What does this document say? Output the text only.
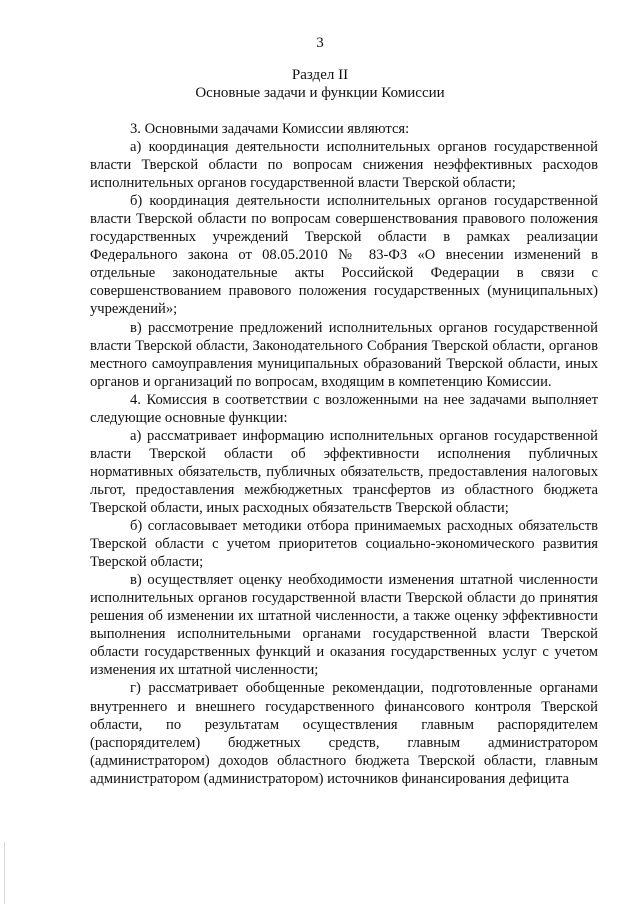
3
Раздел II
Основные задачи и функции Комиссии

3. Основными задачами Комиссии являются:

а) координация деятельности исполнительных органов государственной власти Тверской области по вопросам снижения неэффективных расходов исполнительных органов государственной власти Тверской области;

б) координация деятельности исполнительных органов государственной власти Тверской области по вопросам совершенствования правового положения государственных учреждений Тверской области в рамках реализации Федерального закона от 08.05.2010 № 83-ФЗ «О внесении изменений в отдельные законодательные акты Российской Федерации в связи с совершенствованием правового положения государственных (муниципальных) учреждений»;

в) рассмотрение предложений исполнительных органов государственной власти Тверской области, Законодательного Собрания Тверской области, органов местного самоуправления муниципальных образований Тверской области, иных органов и организаций по вопросам, входящим в компетенцию Комиссии.

4. Комиссия в соответствии с возложенными на нее задачами выполняет следующие основные функции:

а) рассматривает информацию исполнительных органов государственной власти Тверской области об эффективности исполнения публичных нормативных обязательств, публичных обязательств, предоставления налоговых льгот, предоставления межбюджетных трансфертов из областного бюджета Тверской области, иных расходных обязательств Тверской области;

б) согласовывает методики отбора принимаемых расходных обязательств Тверской области с учетом приоритетов социально-экономического развития Тверской области;

в) осуществляет оценку необходимости изменения штатной численности исполнительных органов государственной власти Тверской области до принятия решения об изменении их штатной численности, а также оценку эффективности выполнения исполнительными органами государственной власти Тверской области государственных функций и оказания государственных услуг с учетом изменения их штатной численности;

г) рассматривает обобщенные рекомендации, подготовленные органами внутреннего и внешнего государственного финансового контроля Тверской области, по результатам осуществления главным распорядителем (распорядителем) бюджетных средств, главным администратором (администратором) доходов областного бюджета Тверской области, главным администратором (администратором) источников финансирования дефицита
